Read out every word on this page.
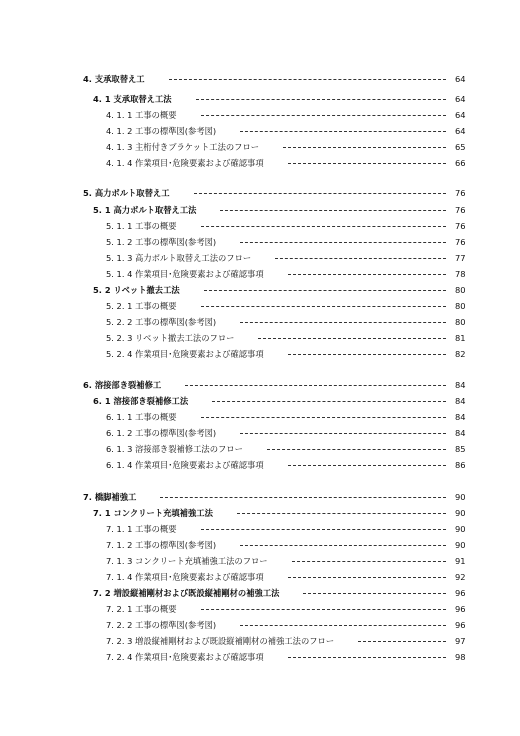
4. 支承取替え工	64
4. 1 支承取替え工法	64
4. 1. 1 工事の概要	64
4. 1. 2 工事の標準図(参考図)	64
4. 1. 3 主桁付きブラケット工法のフロー	65
4. 1. 4 作業項目･危険要素および確認事項	66
5. 高力ボルト取替え工	76
5. 1 高力ボルト取替え工法	76
5. 1. 1 工事の概要	76
5. 1. 2 工事の標準図(参考図)	76
5. 1. 3 高力ボルト取替え工法のフロー	77
5. 1. 4 作業項目･危険要素および確認事項	78
5. 2 リベット撤去工法	80
5. 2. 1 工事の概要	80
5. 2. 2 工事の標準図(参考図)	80
5. 2. 3 リベット撤去工法のフロー	81
5. 2. 4 作業項目･危険要素および確認事項	82
6. 溶接部き裂補修工	84
6. 1 溶接部き裂補修工法	84
6. 1. 1 工事の概要	84
6. 1. 2 工事の標準図(参考図)	84
6. 1. 3 溶接部き裂補修工法のフロー	85
6. 1. 4 作業項目･危険要素および確認事項	86
7. 橋脚補強工	90
7. 1 コンクリート充填補強工法	90
7. 1. 1 工事の概要	90
7. 1. 2 工事の標準図(参考図)	90
7. 1. 3 コンクリート充填補強工法のフロー	91
7. 1. 4 作業項目･危険要素および確認事項	92
7. 2 増設縦補剛材および既設縦補剛材の補強工法	96
7. 2. 1 工事の概要	96
7. 2. 2 工事の標準図(参考図)	96
7. 2. 3 増設縦補剛材および既設縦補剛材の補強工法のフロー	97
7. 2. 4 作業項目･危険要素および確認事項	98
